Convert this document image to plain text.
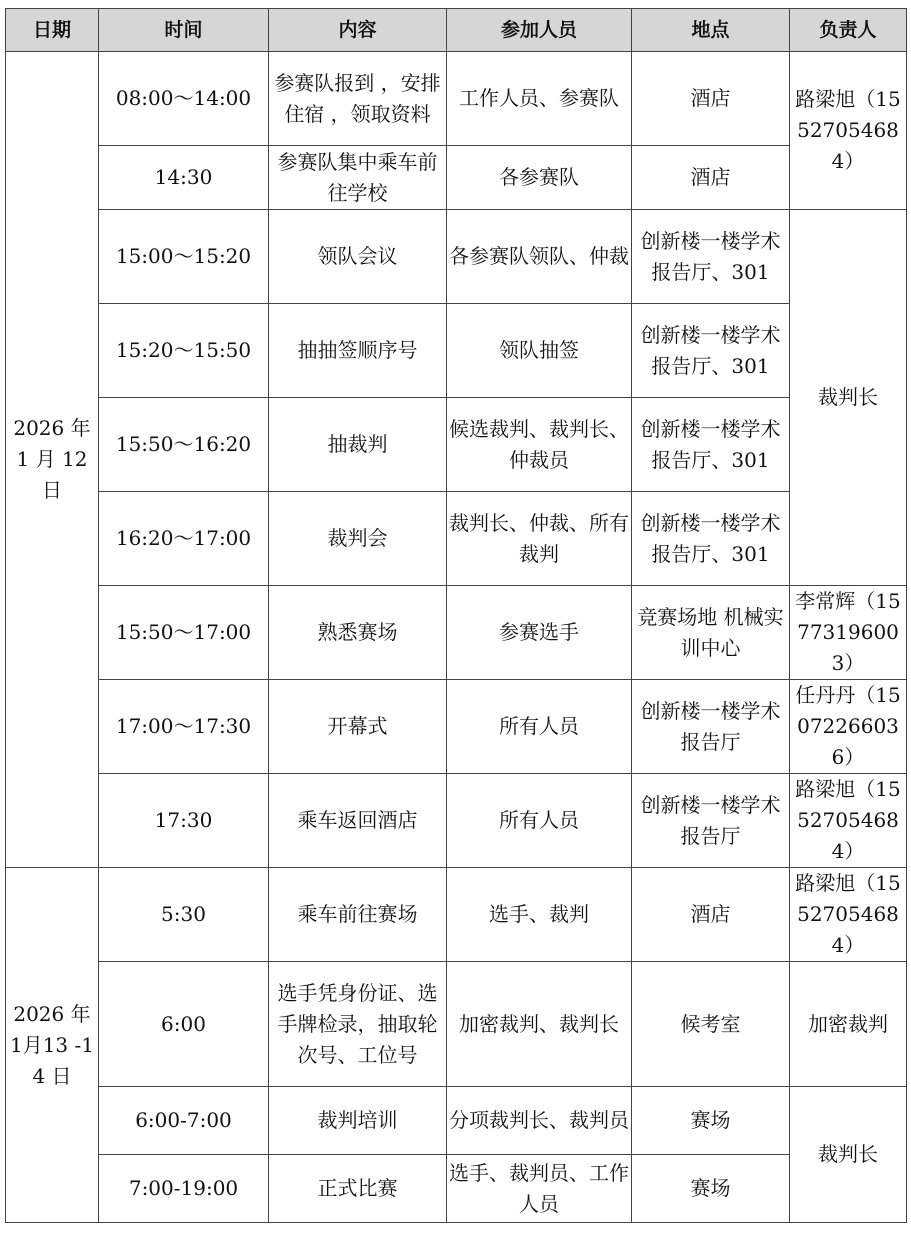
日期	时间	内容	参加人员	地点	负责人
2026 年 1 月 12 日	08:00～14:00	参赛队报到 ，安排住宿 ，领取资料	工作人员、参赛队	酒店	路梁旭（15527054684）
	14:30	参赛队集中乘车前往学校	各参赛队	酒店	
	15:00～15:20	领队会议	各参赛队领队、仲裁	创新楼一楼学术报告厅、301	裁判长
	15:20～15:50	抽抽签顺序号	领队抽签	创新楼一楼学术报告厅、301	
	15:50～16:20	抽裁判	候选裁判、裁判长、仲裁员	创新楼一楼学术报告厅、301	
	16:20～17:00	裁判会	裁判长、仲裁、所有裁判	创新楼一楼学术报告厅、301	
	15:50～17:00	熟悉赛场	参赛选手	竞赛场地 机械实训中心	李常辉（15773196003）
	17:00～17:30	开幕式	所有人员	创新楼一楼学术报告厅	任丹丹（15072266036）
	17:30	乘车返回酒店	所有人员	创新楼一楼学术报告厅	路梁旭（15527054684）
2026 年1月13 -14 日	5:30	乘车前往赛场	选手、裁判	酒店	路梁旭（15527054684）
	6:00	选手凭身份证、选手牌检录，抽取轮次号、工位号	加密裁判、裁判长	候考室	加密裁判
	6:00-7:00	裁判培训	分项裁判长、裁判员	赛场	裁判长
	7:00-19:00	正式比赛	选手、裁判员、工作人员	赛场	
